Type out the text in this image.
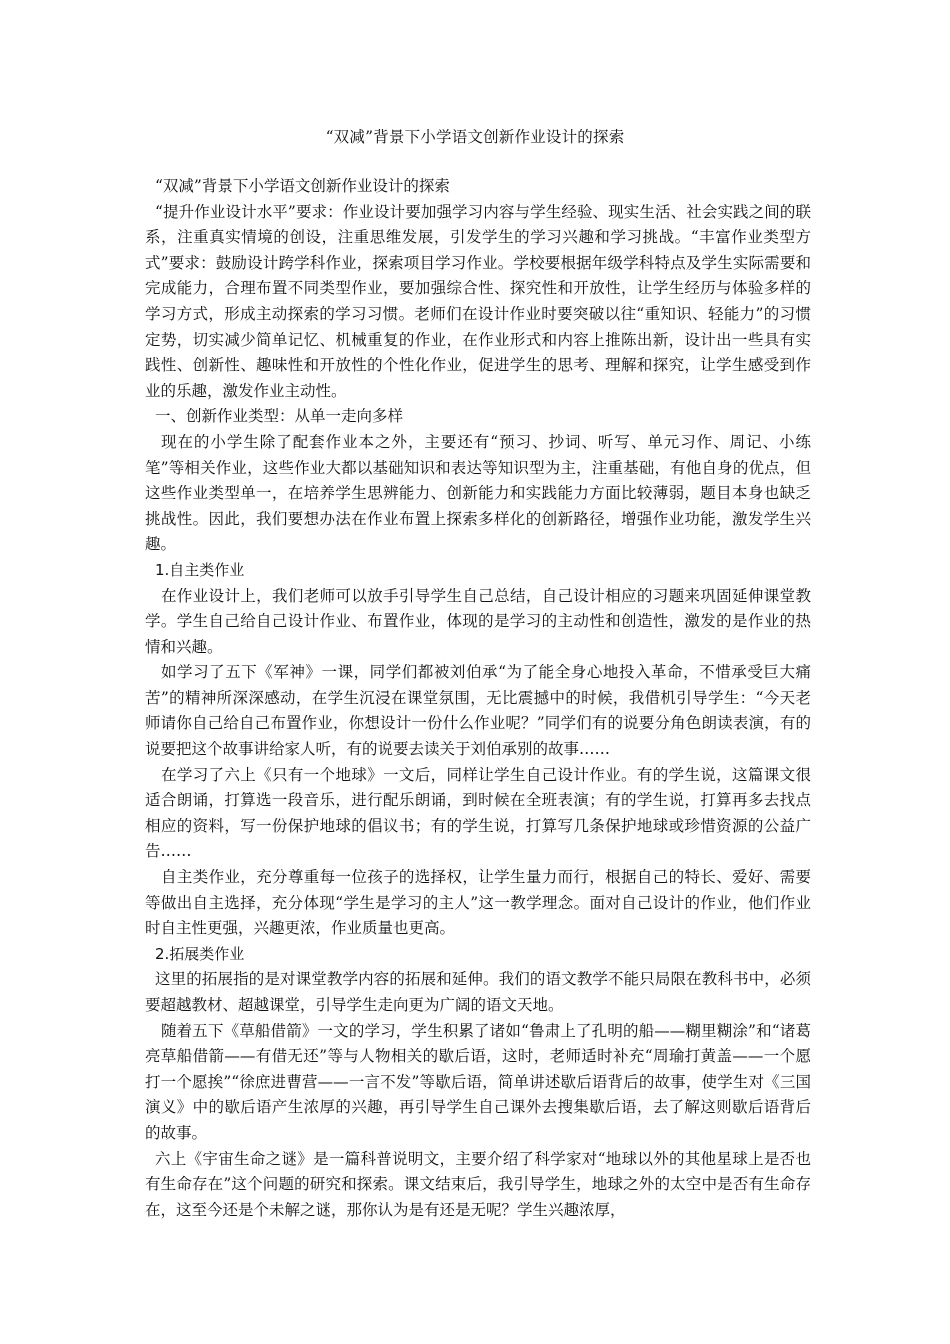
“双减”背景下小学语文创新作业设计的探索

“双减”背景下小学语文创新作业设计的探索

“提升作业设计水平”要求：作业设计要加强学习内容与学生经验、现实生活、社会实践之间的联系，注重真实情境的创设，注重思维发展，引发学生的学习兴趣和学习挑战。“丰富作业类型方式”要求：鼓励设计跨学科作业，探索项目学习作业。学校要根据年级学科特点及学生实际需要和完成能力，合理布置不同类型作业，要加强综合性、探究性和开放性，让学生经历与体验多样的学习方式，形成主动探索的学习习惯。老师们在设计作业时要突破以往“重知识、轻能力”的习惯定势，切实减少简单记忆、机械重复的作业，在作业形式和内容上推陈出新，设计出一些具有实践性、创新性、趣味性和开放性的个性化作业，促进学生的思考、理解和探究，让学生感受到作业的乐趣，激发作业主动性。

一、创新作业类型：从单一走向多样

现在的小学生除了配套作业本之外，主要还有“预习、抄词、听写、单元习作、周记、小练笔”等相关作业，这些作业大都以基础知识和表达等知识型为主，注重基础，有他自身的优点，但这些作业类型单一，在培养学生思辨能力、创新能力和实践能力方面比较薄弱，题目本身也缺乏挑战性。因此，我们要想办法在作业布置上探索多样化的创新路径，增强作业功能，激发学生兴趣。

1.自主类作业

在作业设计上，我们老师可以放手引导学生自己总结，自己设计相应的习题来巩固延伸课堂教学。学生自己给自己设计作业、布置作业，体现的是学习的主动性和创造性，激发的是作业的热情和兴趣。

如学习了五下《军神》一课，同学们都被刘伯承“为了能全身心地投入革命，不惜承受巨大痛苦”的精神所深深感动，在学生沉浸在课堂氛围，无比震撼中的时候，我借机引导学生：“今天老师请你自己给自己布置作业，你想设计一份什么作业呢？”同学们有的说要分角色朗读表演，有的说要把这个故事讲给家人听，有的说要去读关于刘伯承别的故事……

在学习了六上《只有一个地球》一文后，同样让学生自己设计作业。有的学生说，这篇课文很适合朗诵，打算选一段音乐，进行配乐朗诵，到时候在全班表演；有的学生说，打算再多去找点相应的资料，写一份保护地球的倡议书；有的学生说，打算写几条保护地球或珍惜资源的公益广告……

自主类作业，充分尊重每一位孩子的选择权，让学生量力而行，根据自己的特长、爱好、需要等做出自主选择，充分体现“学生是学习的主人”这一教学理念。面对自己设计的作业，他们作业时自主性更强，兴趣更浓，作业质量也更高。

2.拓展类作业

这里的拓展指的是对课堂教学内容的拓展和延伸。我们的语文教学不能只局限在教科书中，必须要超越教材、超越课堂，引导学生走向更为广阔的语文天地。

随着五下《草船借箭》一文的学习，学生积累了诸如“鲁肃上了孔明的船——糊里糊涂”和“诸葛亮草船借箭——有借无还”等与人物相关的歇后语，这时，老师适时补充“周瑜打黄盖——一个愿打一个愿挨”“徐庶进曹营——一言不发”等歇后语，简单讲述歇后语背后的故事，使学生对《三国演义》中的歇后语产生浓厚的兴趣，再引导学生自己课外去搜集歇后语，去了解这则歇后语背后的故事。

六上《宇宙生命之谜》是一篇科普说明文，主要介绍了科学家对“地球以外的其他星球上是否也有生命存在”这个问题的研究和探索。课文结束后，我引导学生，地球之外的太空中是否有生命存在，这至今还是个未解之谜，那你认为是有还是无呢？学生兴趣浓厚，
